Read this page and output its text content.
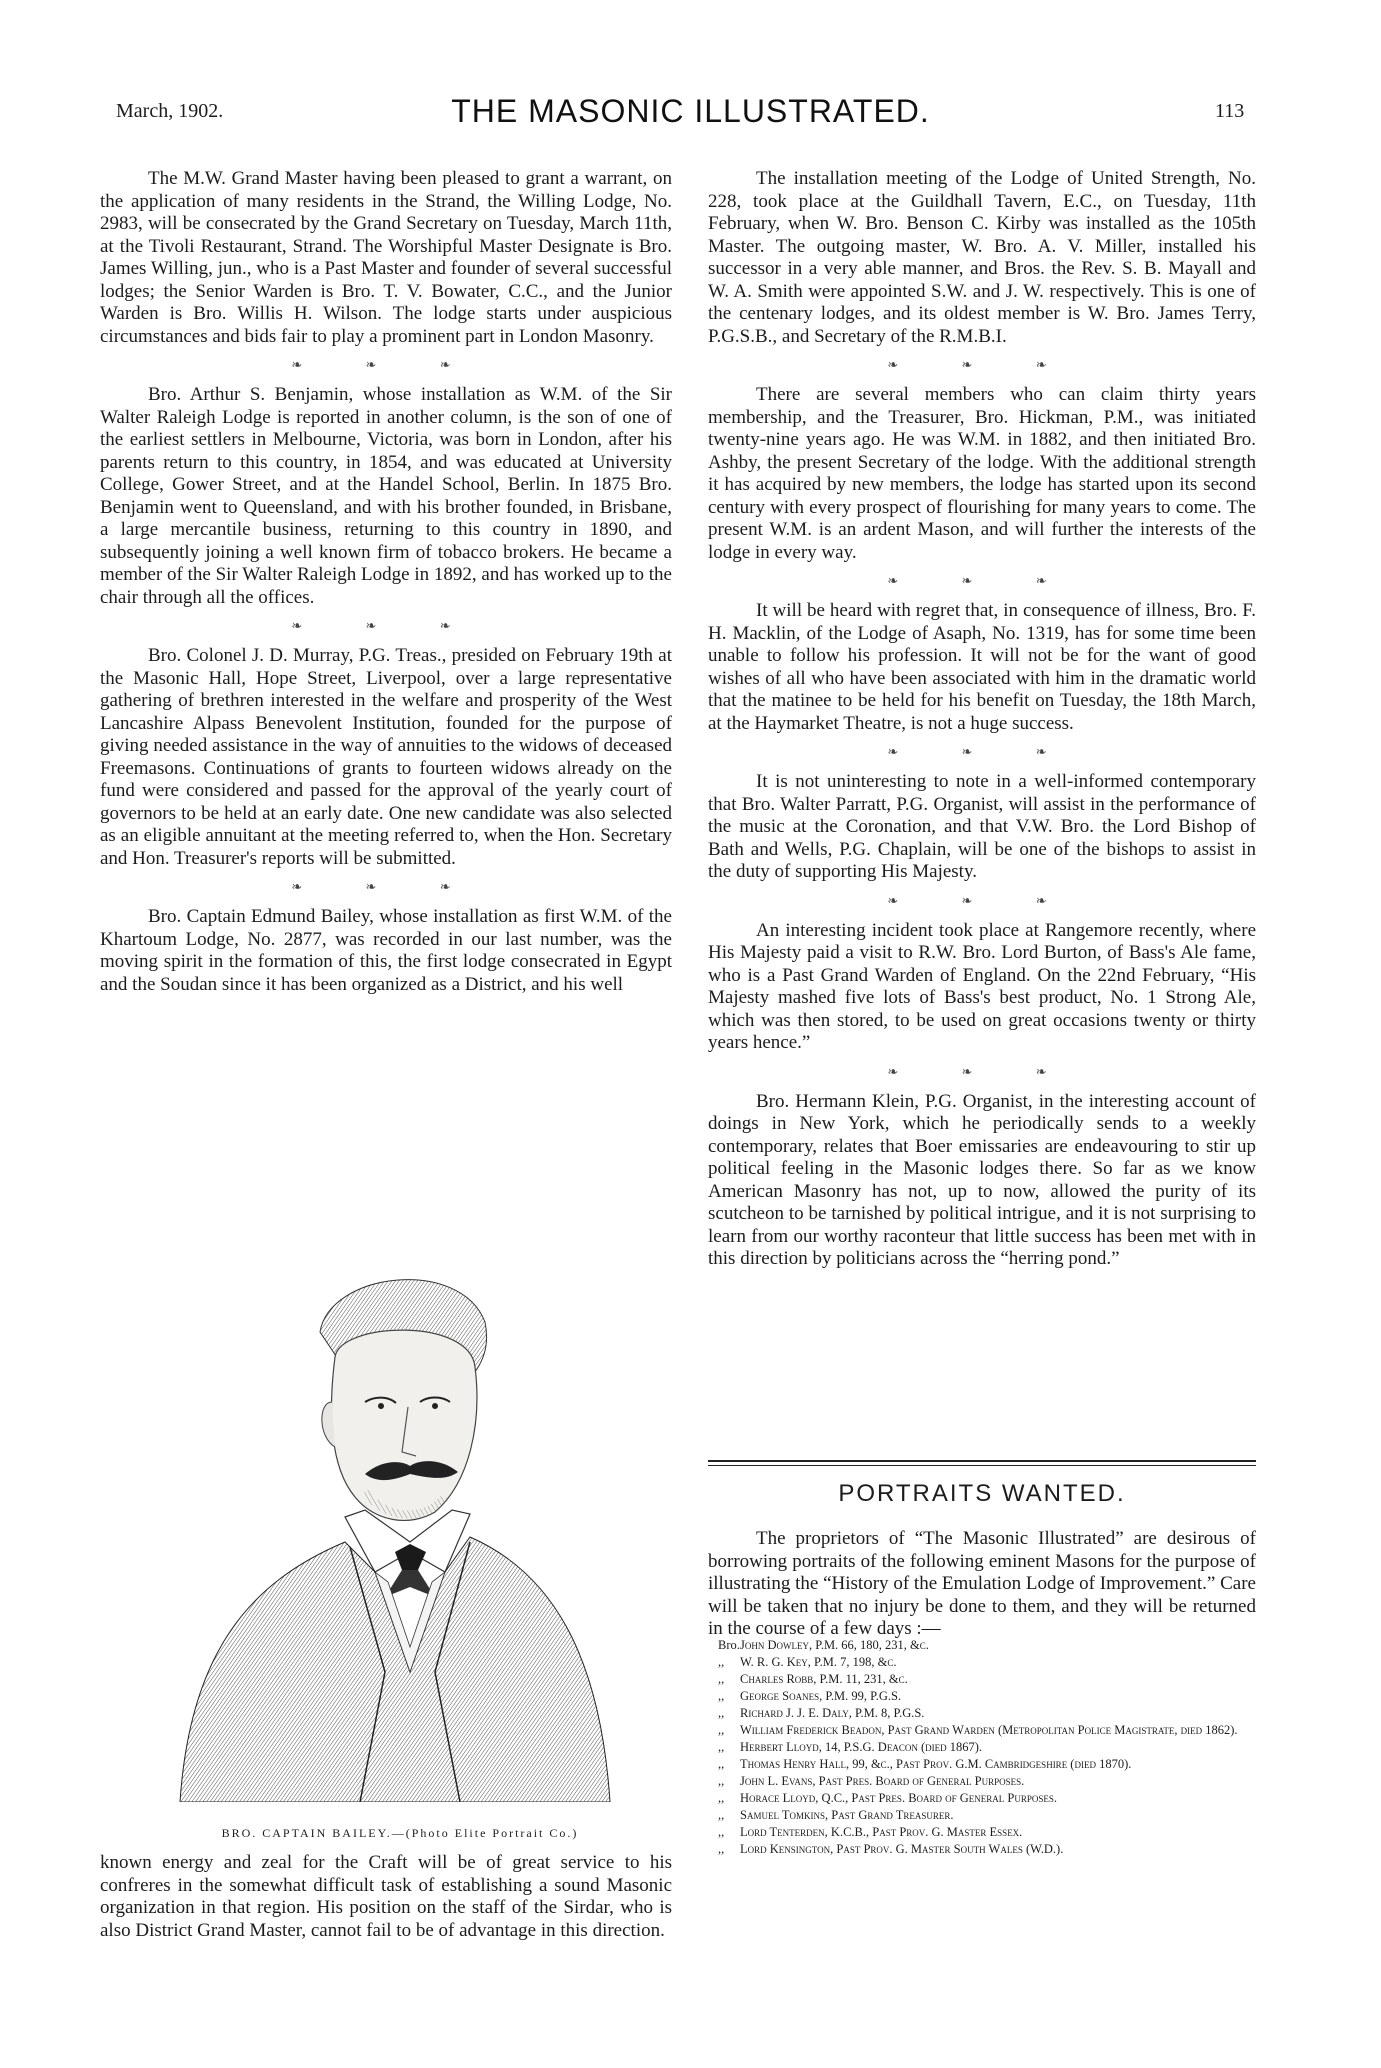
March, 1902.	THE MASONIC ILLUSTRATED.	113

The M.W. Grand Master having been pleased to grant a warrant, on the application of many residents in the Strand, the Willing Lodge, No. 2983, will be consecrated by the Grand Secretary on Tuesday, March 11th, at the Tivoli Restaurant, Strand. The Worshipful Master Designate is Bro. James Willing, jun., who is a Past Master and founder of several successful lodges; the Senior Warden is Bro. T. V. Bowater, C.C., and the Junior Warden is Bro. Willis H. Wilson. The lodge starts under auspicious circumstances and bids fair to play a prominent part in London Masonry.

❧ ❧ ❧

Bro. Arthur S. Benjamin, whose installation as W.M. of the Sir Walter Raleigh Lodge is reported in another column, is the son of one of the earliest settlers in Melbourne, Victoria, was born in London, after his parents return to this country, in 1854, and was educated at University College, Gower Street, and at the Handel School, Berlin. In 1875 Bro. Benjamin went to Queensland, and with his brother founded, in Brisbane, a large mercantile business, returning to this country in 1890, and subsequently joining a well known firm of tobacco brokers. He became a member of the Sir Walter Raleigh Lodge in 1892, and has worked up to the chair through all the offices.

❧ ❧ ❧

Bro. Colonel J. D. Murray, P.G. Treas., presided on February 19th at the Masonic Hall, Hope Street, Liverpool, over a large representative gathering of brethren interested in the welfare and prosperity of the West Lancashire Alpass Benevolent Institution, founded for the purpose of giving needed assistance in the way of annuities to the widows of deceased Freemasons. Continuations of grants to fourteen widows already on the fund were considered and passed for the approval of the yearly court of governors to be held at an early date. One new candidate was also selected as an eligible annuitant at the meeting referred to, when the Hon. Secretary and Hon. Treasurer's reports will be submitted.

❧ ❧ ❧

Bro. Captain Edmund Bailey, whose installation as first W.M. of the Khartoum Lodge, No. 2877, was recorded in our last number, was the moving spirit in the formation of this, the first lodge consecrated in Egypt and the Soudan since it has been organized as a District, and his well

BRO. CAPTAIN BAILEY.—(Photo Elite Portrait Co.)

known energy and zeal for the Craft will be of great service to his confreres in the somewhat difficult task of establishing a sound Masonic organization in that region. His position on the staff of the Sirdar, who is also District Grand Master, cannot fail to be of advantage in this direction.

The installation meeting of the Lodge of United Strength, No. 228, took place at the Guildhall Tavern, E.C., on Tuesday, 11th February, when W. Bro. Benson C. Kirby was installed as the 105th Master. The outgoing master, W. Bro. A. V. Miller, installed his successor in a very able manner, and Bros. the Rev. S. B. Mayall and W. A. Smith were appointed S.W. and J. W. respectively. This is one of the centenary lodges, and its oldest member is W. Bro. James Terry, P.G.S.B., and Secretary of the R.M.B.I.

❧ ❧ ❧

There are several members who can claim thirty years membership, and the Treasurer, Bro. Hickman, P.M., was initiated twenty-nine years ago. He was W.M. in 1882, and then initiated Bro. Ashby, the present Secretary of the lodge. With the additional strength it has acquired by new members, the lodge has started upon its second century with every prospect of flourishing for many years to come. The present W.M. is an ardent Mason, and will further the interests of the lodge in every way.

❧ ❧ ❧

It will be heard with regret that, in consequence of illness, Bro. F. H. Macklin, of the Lodge of Asaph, No. 1319, has for some time been unable to follow his profession. It will not be for the want of good wishes of all who have been associated with him in the dramatic world that the matinee to be held for his benefit on Tuesday, the 18th March, at the Haymarket Theatre, is not a huge success.

❧ ❧ ❧

It is not uninteresting to note in a well-informed contemporary that Bro. Walter Parratt, P.G. Organist, will assist in the performance of the music at the Coronation, and that V.W. Bro. the Lord Bishop of Bath and Wells, P.G. Chaplain, will be one of the bishops to assist in the duty of supporting His Majesty.

❧ ❧ ❧

An interesting incident took place at Rangemore recently, where His Majesty paid a visit to R.W. Bro. Lord Burton, of Bass's Ale fame, who is a Past Grand Warden of England. On the 22nd February, “His Majesty mashed five lots of Bass's best product, No. 1 Strong Ale, which was then stored, to be used on great occasions twenty or thirty years hence.”

❧ ❧ ❧

Bro. Hermann Klein, P.G. Organist, in the interesting account of doings in New York, which he periodically sends to a weekly contemporary, relates that Boer emissaries are endeavouring to stir up political feeling in the Masonic lodges there. So far as we know American Masonry has not, up to now, allowed the purity of its scutcheon to be tarnished by political intrigue, and it is not surprising to learn from our worthy raconteur that little success has been met with in this direction by politicians across the “herring pond.”

PORTRAITS WANTED.

The proprietors of “The Masonic Illustrated” are desirous of borrowing portraits of the following eminent Masons for the purpose of illustrating the “History of the Emulation Lodge of Improvement.” Care will be taken that no injury be done to them, and they will be returned in the course of a few days :—

Bro. John Dowley, P.M. 66, 180, 231, &c.
,, W. R. G. Key, P.M. 7, 198, &c.
,, Charles Robb, P.M. 11, 231, &c.
,, George Soanes, P.M. 99, P.G.S.
,, Richard J. J. E. Daly, P.M. 8, P.G.S.
,, William Frederick Beadon, Past Grand Warden (Metropolitan Police Magistrate, died 1862).
,, Herbert Lloyd, 14, P.S.G. Deacon (died 1867).
,, Thomas Henry Hall, 99, &c., Past Prov. G.M. Cambridgeshire (died 1870).
,, John L. Evans, Past Pres. Board of General Purposes.
,, Horace Lloyd, Q.C., Past Pres. Board of General Purposes.
,, Samuel Tomkins, Past Grand Treasurer.
,, Lord Tenterden, K.C.B., Past Prov. G. Master Essex.
,, Lord Kensington, Past Prov. G. Master South Wales (W.D.).
